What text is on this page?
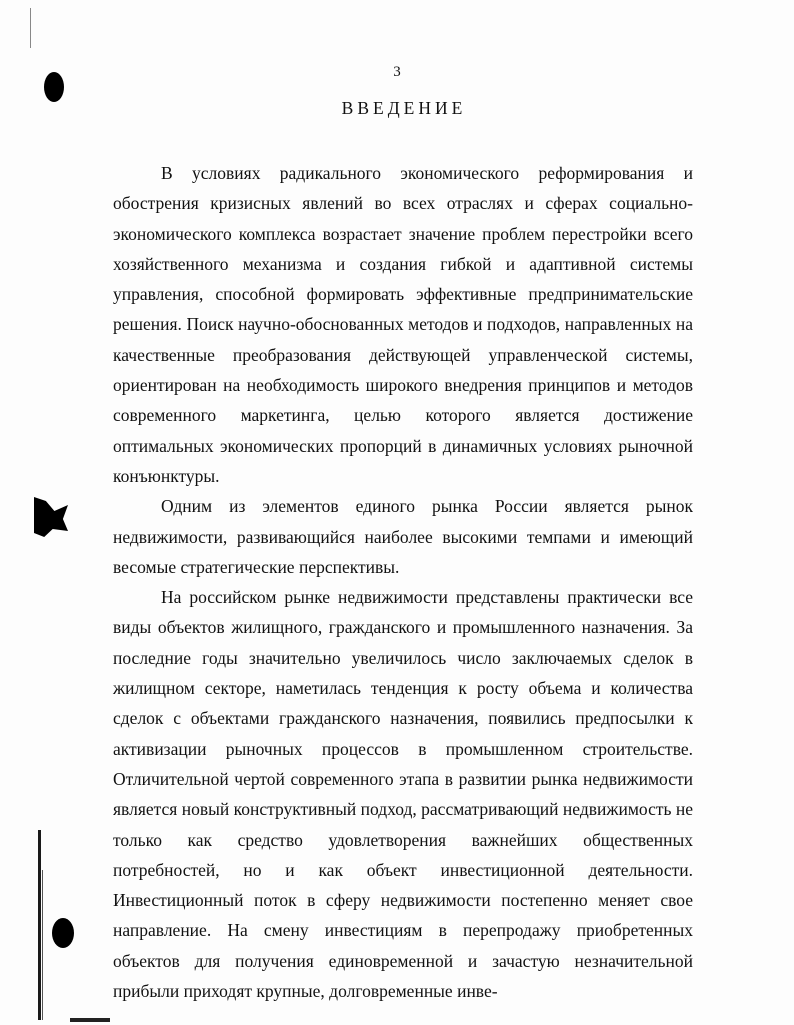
3
ВВЕДЕНИЕ

В условиях радикального экономического реформирования и обострения кризисных явлений во всех отраслях и сферах социально-экономического комплекса возрастает значение проблем перестройки всего хозяйственного механизма и создания гибкой и адаптивной системы управления, способной формировать эффективные предпринимательские решения. Поиск научно-обоснованных методов и подходов, направленных на качественные преобразования действующей управленческой системы, ориентирован на необходимость широкого внедрения принципов и методов современного маркетинга, целью которого является достижение оптимальных экономических пропорций в динамичных условиях рыночной конъюнктуры.

Одним из элементов единого рынка России является рынок недвижимости, развивающийся наиболее высокими темпами и имеющий весомые стратегические перспективы.

На российском рынке недвижимости представлены практически все виды объектов жилищного, гражданского и промышленного назначения. За последние годы значительно увеличилось число заключаемых сделок в жилищном секторе, наметилась тенденция к росту объема и количества сделок с объектами гражданского назначения, появились предпосылки к активизации рыночных процессов в промышленном строительстве. Отличительной чертой современного этапа в развитии рынка недвижимости является новый конструктивный подход, рассматривающий недвижимость не только как средство удовлетворения важнейших общественных потребностей, но и как объект инвестиционной деятельности. Инвестиционный поток в сферу недвижимости постепенно меняет свое направление. На смену инвестициям в перепродажу приобретенных объектов для получения единовременной и зачастую незначительной прибыли приходят крупные, долговременные инве-
